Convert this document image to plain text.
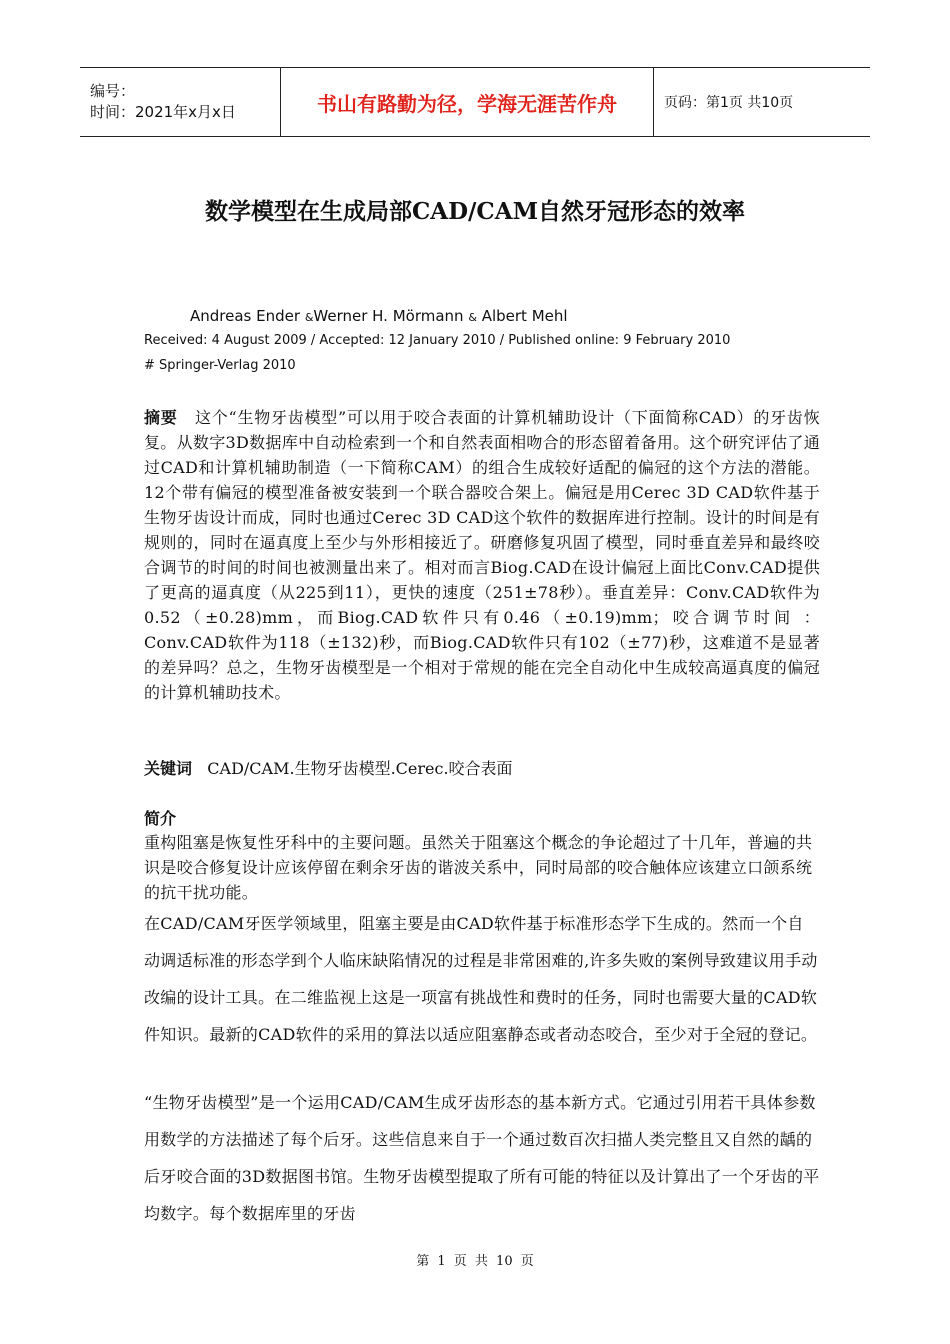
编号：
时间：2021年x月x日	书山有路勤为径，学海无涯苦作舟	页码：第1页 共10页
数学模型在生成局部CAD/CAM自然牙冠形态的效率
Andreas Ender &Werner H. Mörmann & Albert Mehl
Received: 4 August 2009 / Accepted: 12 January 2010 / Published online: 9 February 2010
# Springer-Verlag 2010

摘要 这个“生物牙齿模型”可以用于咬合表面的计算机辅助设计（下面简称CAD）的牙齿恢复。从数字3D数据库中自动检索到一个和自然表面相吻合的形态留着备用。这个研究评估了通过CAD和计算机辅助制造（一下简称CAM）的组合生成较好适配的偏冠的这个方法的潜能。12个带有偏冠的模型准备被安装到一个联合器咬合架上。偏冠是用Cerec 3D CAD软件基于生物牙齿设计而成，同时也通过Cerec 3D CAD这个软件的数据库进行控制。设计的时间是有规则的，同时在逼真度上至少与外形相接近了。研磨修复巩固了模型，同时垂直差异和最终咬合调节的时间的时间也被测量出来了。相对而言Biog.CAD在设计偏冠上面比Conv.CAD提供了更高的逼真度（从225到11），更快的速度（251±78秒）。垂直差异：Conv.CAD软件为0.52（±0.28)mm，而Biog.CAD软件只有0.46（±0.19)mm；咬合调节时间 ：Conv.CAD软件为118（±132)秒，而Biog.CAD软件只有102（±77)秒，这难道不是显著的差异吗？总之，生物牙齿模型是一个相对于常规的能在完全自动化中生成较高逼真度的偏冠的计算机辅助技术。

关键词 CAD/CAM.生物牙齿模型.Cerec.咬合表面

简介

重构阻塞是恢复性牙科中的主要问题。虽然关于阻塞这个概念的争论超过了十几年，普遍的共识是咬合修复设计应该停留在剩余牙齿的谐波关系中，同时局部的咬合触体应该建立口颌系统的抗干扰功能。

在CAD/CAM牙医学领域里，阻塞主要是由CAD软件基于标准形态学下生成的。然而一个自动调适标准的形态学到个人临床缺陷情况的过程是非常困难的,许多失败的案例导致建议用手动改编的设计工具。在二维监视上这是一项富有挑战性和费时的任务，同时也需要大量的CAD软件知识。最新的CAD软件的采用的算法以适应阻塞静态或者动态咬合，至少对于全冠的登记。

“生物牙齿模型”是一个运用CAD/CAM生成牙齿形态的基本新方式。它通过引用若干具体参数用数学的方法描述了每个后牙。这些信息来自于一个通过数百次扫描人类完整且又自然的龋的后牙咬合面的3D数据图书馆。生物牙齿模型提取了所有可能的特征以及计算出了一个牙齿的平均数字。每个数据库里的牙齿

第 1 页 共 10 页
